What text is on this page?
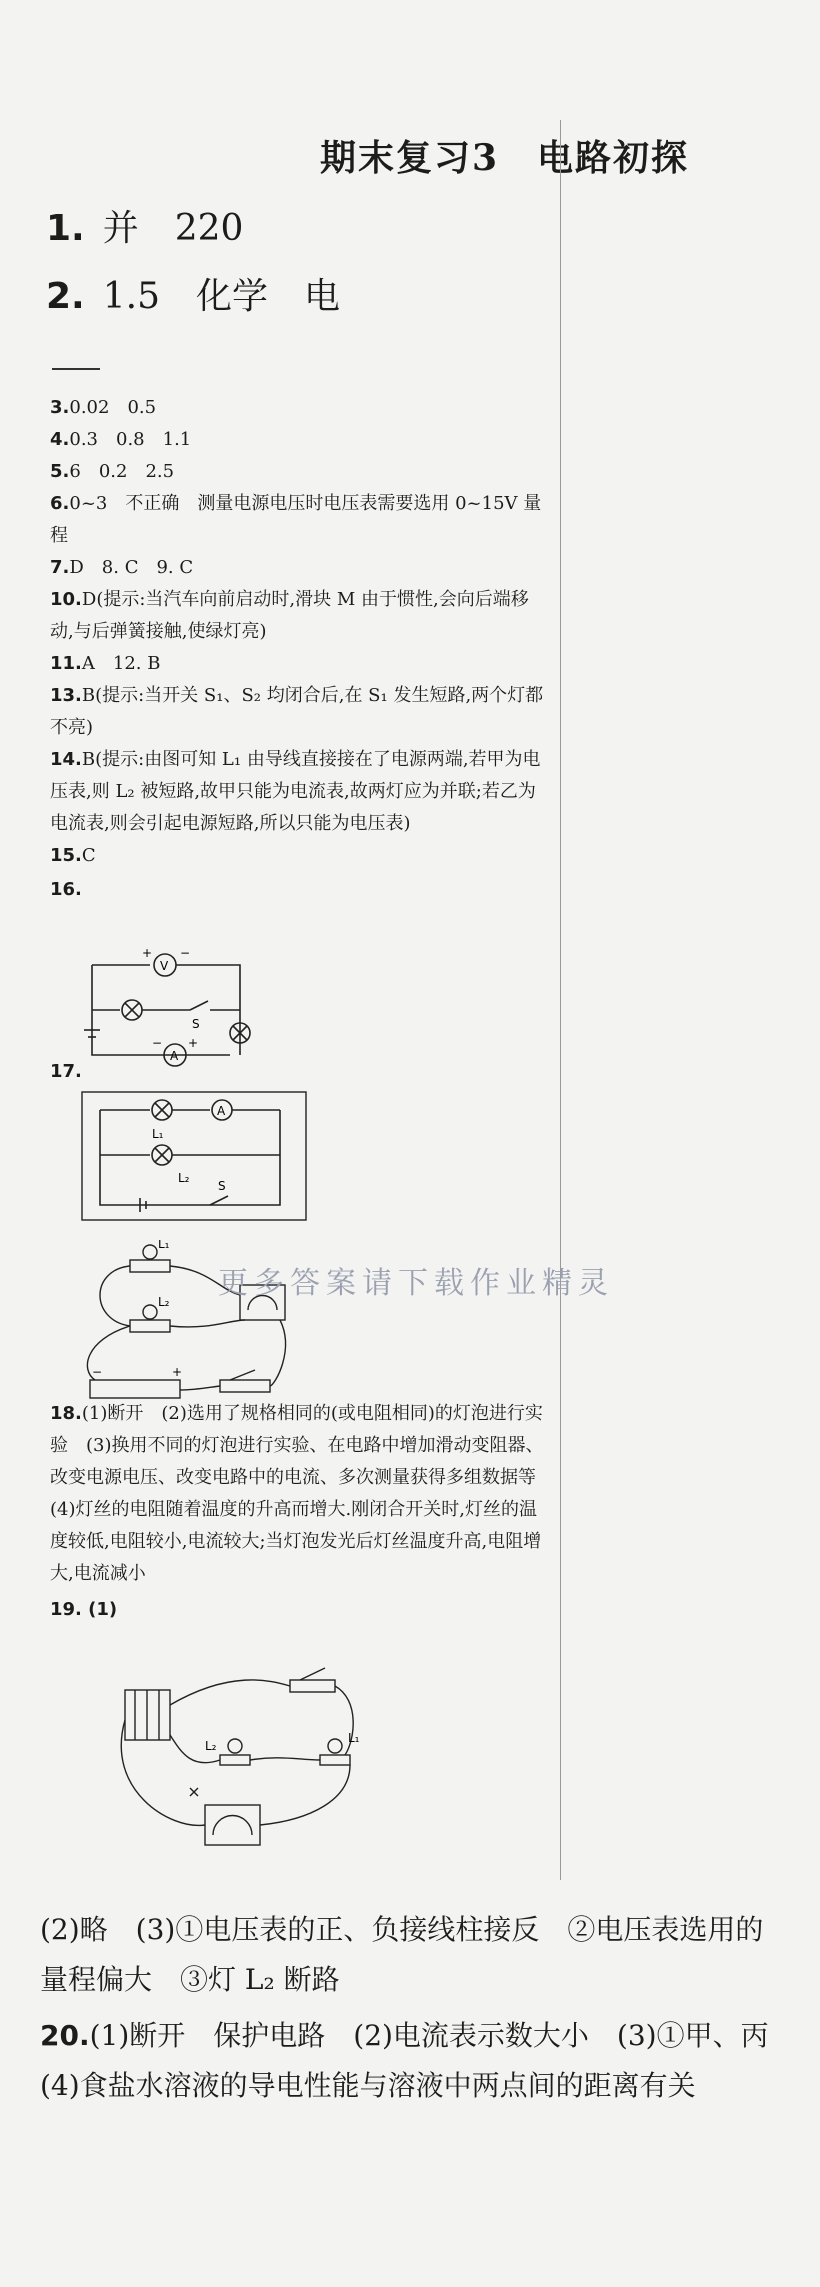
期末复习3　电路初探
1. 并　220
2. 1.5　化学　电

3.0.02　0.5

4.0.3　0.8　1.1

5.6　0.2　2.5

6.0~3　不正确　测量电源电压时电压表需要选用 0~15V 量程

7.D　8. C　9. C

10.D(提示:当汽车向前启动时,滑块 M 由于惯性,会向后端移动,与后弹簧接触,使绿灯亮)

11.A　12. B

13.B(提示:当开关 S₁、S₂ 均闭合后,在 S₁ 发生短路,两个灯都不亮)

14.B(提示:由图可知 L₁ 由导线直接接在了电源两端,若甲为电压表,则 L₂ 被短路,故甲只能为电流表,故两灯应为并联;若乙为电流表,则会引起电源短路,所以只能为电压表)

15.C

16.

17.

18.(1)断开　(2)选用了规格相同的(或电阻相同)的灯泡进行实验　(3)换用不同的灯泡进行实验、在电路中增加滑动变阻器、改变电源电压、改变电路中的电流、多次测量获得多组数据等　(4)灯丝的电阻随着温度的升高而增大.刚闭合开关时,灯丝的温度较低,电阻较小,电流较大;当灯泡发光后灯丝温度升高,电阻增大,电流减小

19. (1)

V
A
S
+ −
− +
A
L₁
L₂
S
L₁
L₂
−	+
L₂
L₁
更多答案请下载作业精灵

(2)略　(3)①电压表的正、负接线柱接反　②电压表选用的量程偏大　③灯 L₂ 断路

20.(1)断开　保护电路　(2)电流表示数大小　(3)①甲、丙　(4)食盐水溶液的导电性能与溶液中两点间的距离有关
